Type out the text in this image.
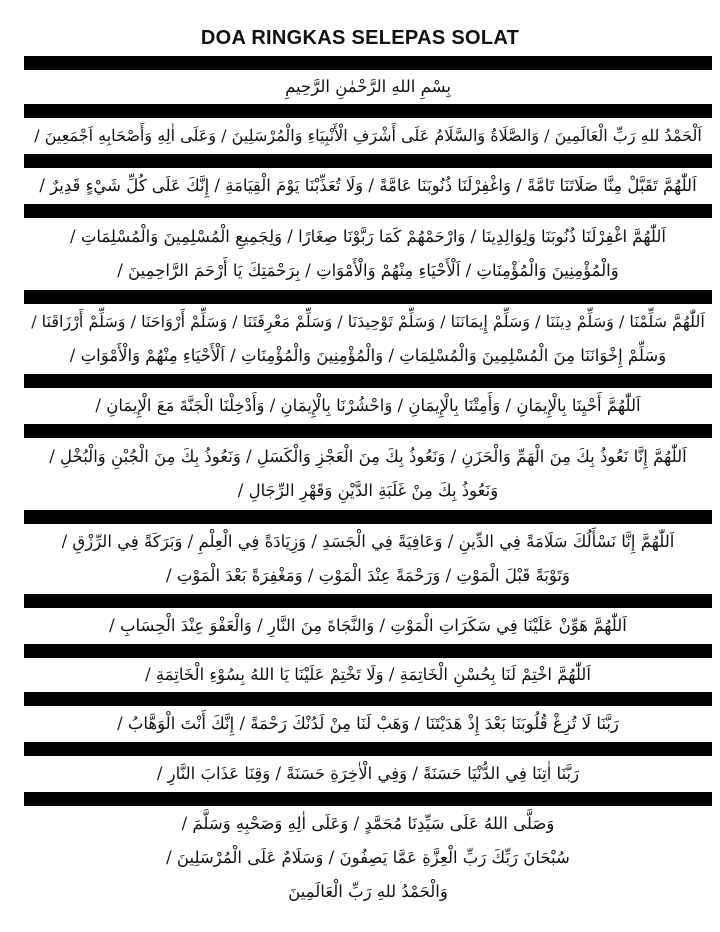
DOA RINGKAS SELEPAS SOLAT
بِسْمِ اللهِ الرَّحْمٰنِ الرَّحِيمِ
اَلْحَمْدُ للهِ رَبِّ الْعَالَمِينَ / وَالصَّلَاةُ وَالسَّلَامُ عَلَى أَشْرَفِ الْأَنْبِيَاءِ وَالْمُرْسَلِينَ / وَعَلَى اٰلِهِ وَأَصْحَابِهِ اَجْمَعِينَ /
اَللّٰهُمَّ تَقَبَّلْ مِنَّا صَلَاتَنَا تَامَّةً / وَاغْفِرْلَنَا ذُنُوبَنَا عَامَّةً / وَلَا تُعَذِّبْنَا يَوْمَ الْقِيَامَةِ / إِنَّكَ عَلَى كُلِّ شَيْءٍ قَدِيرٌ /
اَللّٰهُمَّ اغْفِرْلَنَا ذُنُوبَنَا وَلِوَالِدِينَا / وَارْحَمْهُمْ كَمَا رَبَّوْنَا صِغَارًا / وَلِجَمِيعِ الْمُسْلِمِينَ وَالْمُسْلِمَاتِ /
وَالْمُؤْمِنِينَ وَالْمُؤْمِنَاتِ / اَلْأَحْيَاءِ مِنْهُمْ وَالْأَمْوَاتِ / بِرَحْمَتِكَ يَا أَرْحَمَ الرَّاحِمِينَ /
اَللّٰهُمَّ سَلِّمْنَا / وَسَلِّمْ دِينَنَا / وَسَلِّمْ إِيمَانَنَا / وَسَلِّمْ تَوْحِيدَنَا / وَسَلِّمْ مَعْرِفَتَنَا / وَسَلِّمْ أَرْوَاحَنَا / وَسَلِّمْ أَرْزَاقَنَا /
وَسَلِّمْ إِخْوَانَنَا مِنَ الْمُسْلِمِينَ وَالْمُسْلِمَاتِ / وَالْمُؤْمِنِينَ وَالْمُؤْمِنَاتِ / اَلْأَحْيَاءِ مِنْهُمْ وَالْأَمْوَاتِ /
اَللّٰهُمَّ أَحْيِنَا بِالْإِيمَانِ / وَأَمِتْنَا بِالْإِيمَانِ / وَاحْشُرْنَا بِالْإِيمَانِ / وَأَدْخِلْنَا الْجَنَّةَ مَعَ الْإِيمَانِ /
اَللّٰهُمَّ إِنَّا نَعُوذُ بِكَ مِنَ الْهَمِّ وَالْحَزَنِ / وَنَعُوذُ بِكَ مِنَ الْعَجْزِ وَالْكَسَلِ / وَنَعُوذُ بِكَ مِنَ الْجُبْنِ وَالْبُخْلِ /
وَنَعُوذُ بِكَ مِنْ غَلَبَةِ الدَّيْنِ وَقَهْرِ الرِّجَالِ /
اَللّٰهُمَّ إِنَّا نَسْأَلُكَ سَلَامَةً فِي الدِّينِ / وَعَافِيَةً فِي الْجَسَدِ / وَزِيَادَةً فِي الْعِلْمِ / وَبَرَكَةً فِي الرِّزْقِ /
وَتَوْبَةً قَبْلَ الْمَوْتِ / وَرَحْمَةً عِنْدَ الْمَوْتِ / وَمَغْفِرَةً بَعْدَ الْمَوْتِ /
اَللّٰهُمَّ هَوِّنْ عَلَيْنَا فِي سَكَرَاتِ الْمَوْتِ / وَالنَّجَاةَ مِنَ النَّارِ / وَالْعَفْوَ عِنْدَ الْحِسَابِ /
اَللّٰهُمَّ اخْتِمْ لَنَا بِحُسْنِ الْخَاتِمَةِ / وَلَا تَخْتِمْ عَلَيْنَا يَا اللهُ بِسُوْءِ الْخَاتِمَةِ /
رَبَّنَا لَا تُزِغْ قُلُوبَنَا بَعْدَ إِذْ هَدَيْتَنَا / وَهَبْ لَنَا مِنْ لَدُنْكَ رَحْمَةً / إِنَّكَ أَنْتَ الْوَهَّابُ /
رَبَّنَا اٰتِنَا فِي الدُّنْيَا حَسَنَةً / وَفِي الْاٰخِرَةِ حَسَنَةً / وَقِنَا عَذَابَ النَّارِ /
وَصَلَّى اللهُ عَلَى سَيِّدِنَا مُحَمَّدٍ / وَعَلَى اٰلِهِ وَصَحْبِهِ وَسَلَّمَ /
سُبْحَانَ رَبِّكَ رَبِّ الْعِزَّةِ عَمَّا يَصِفُونَ / وَسَلَامٌ عَلَى الْمُرْسَلِينَ /
وَالْحَمْدُ للهِ رَبِّ الْعَالَمِينَ
